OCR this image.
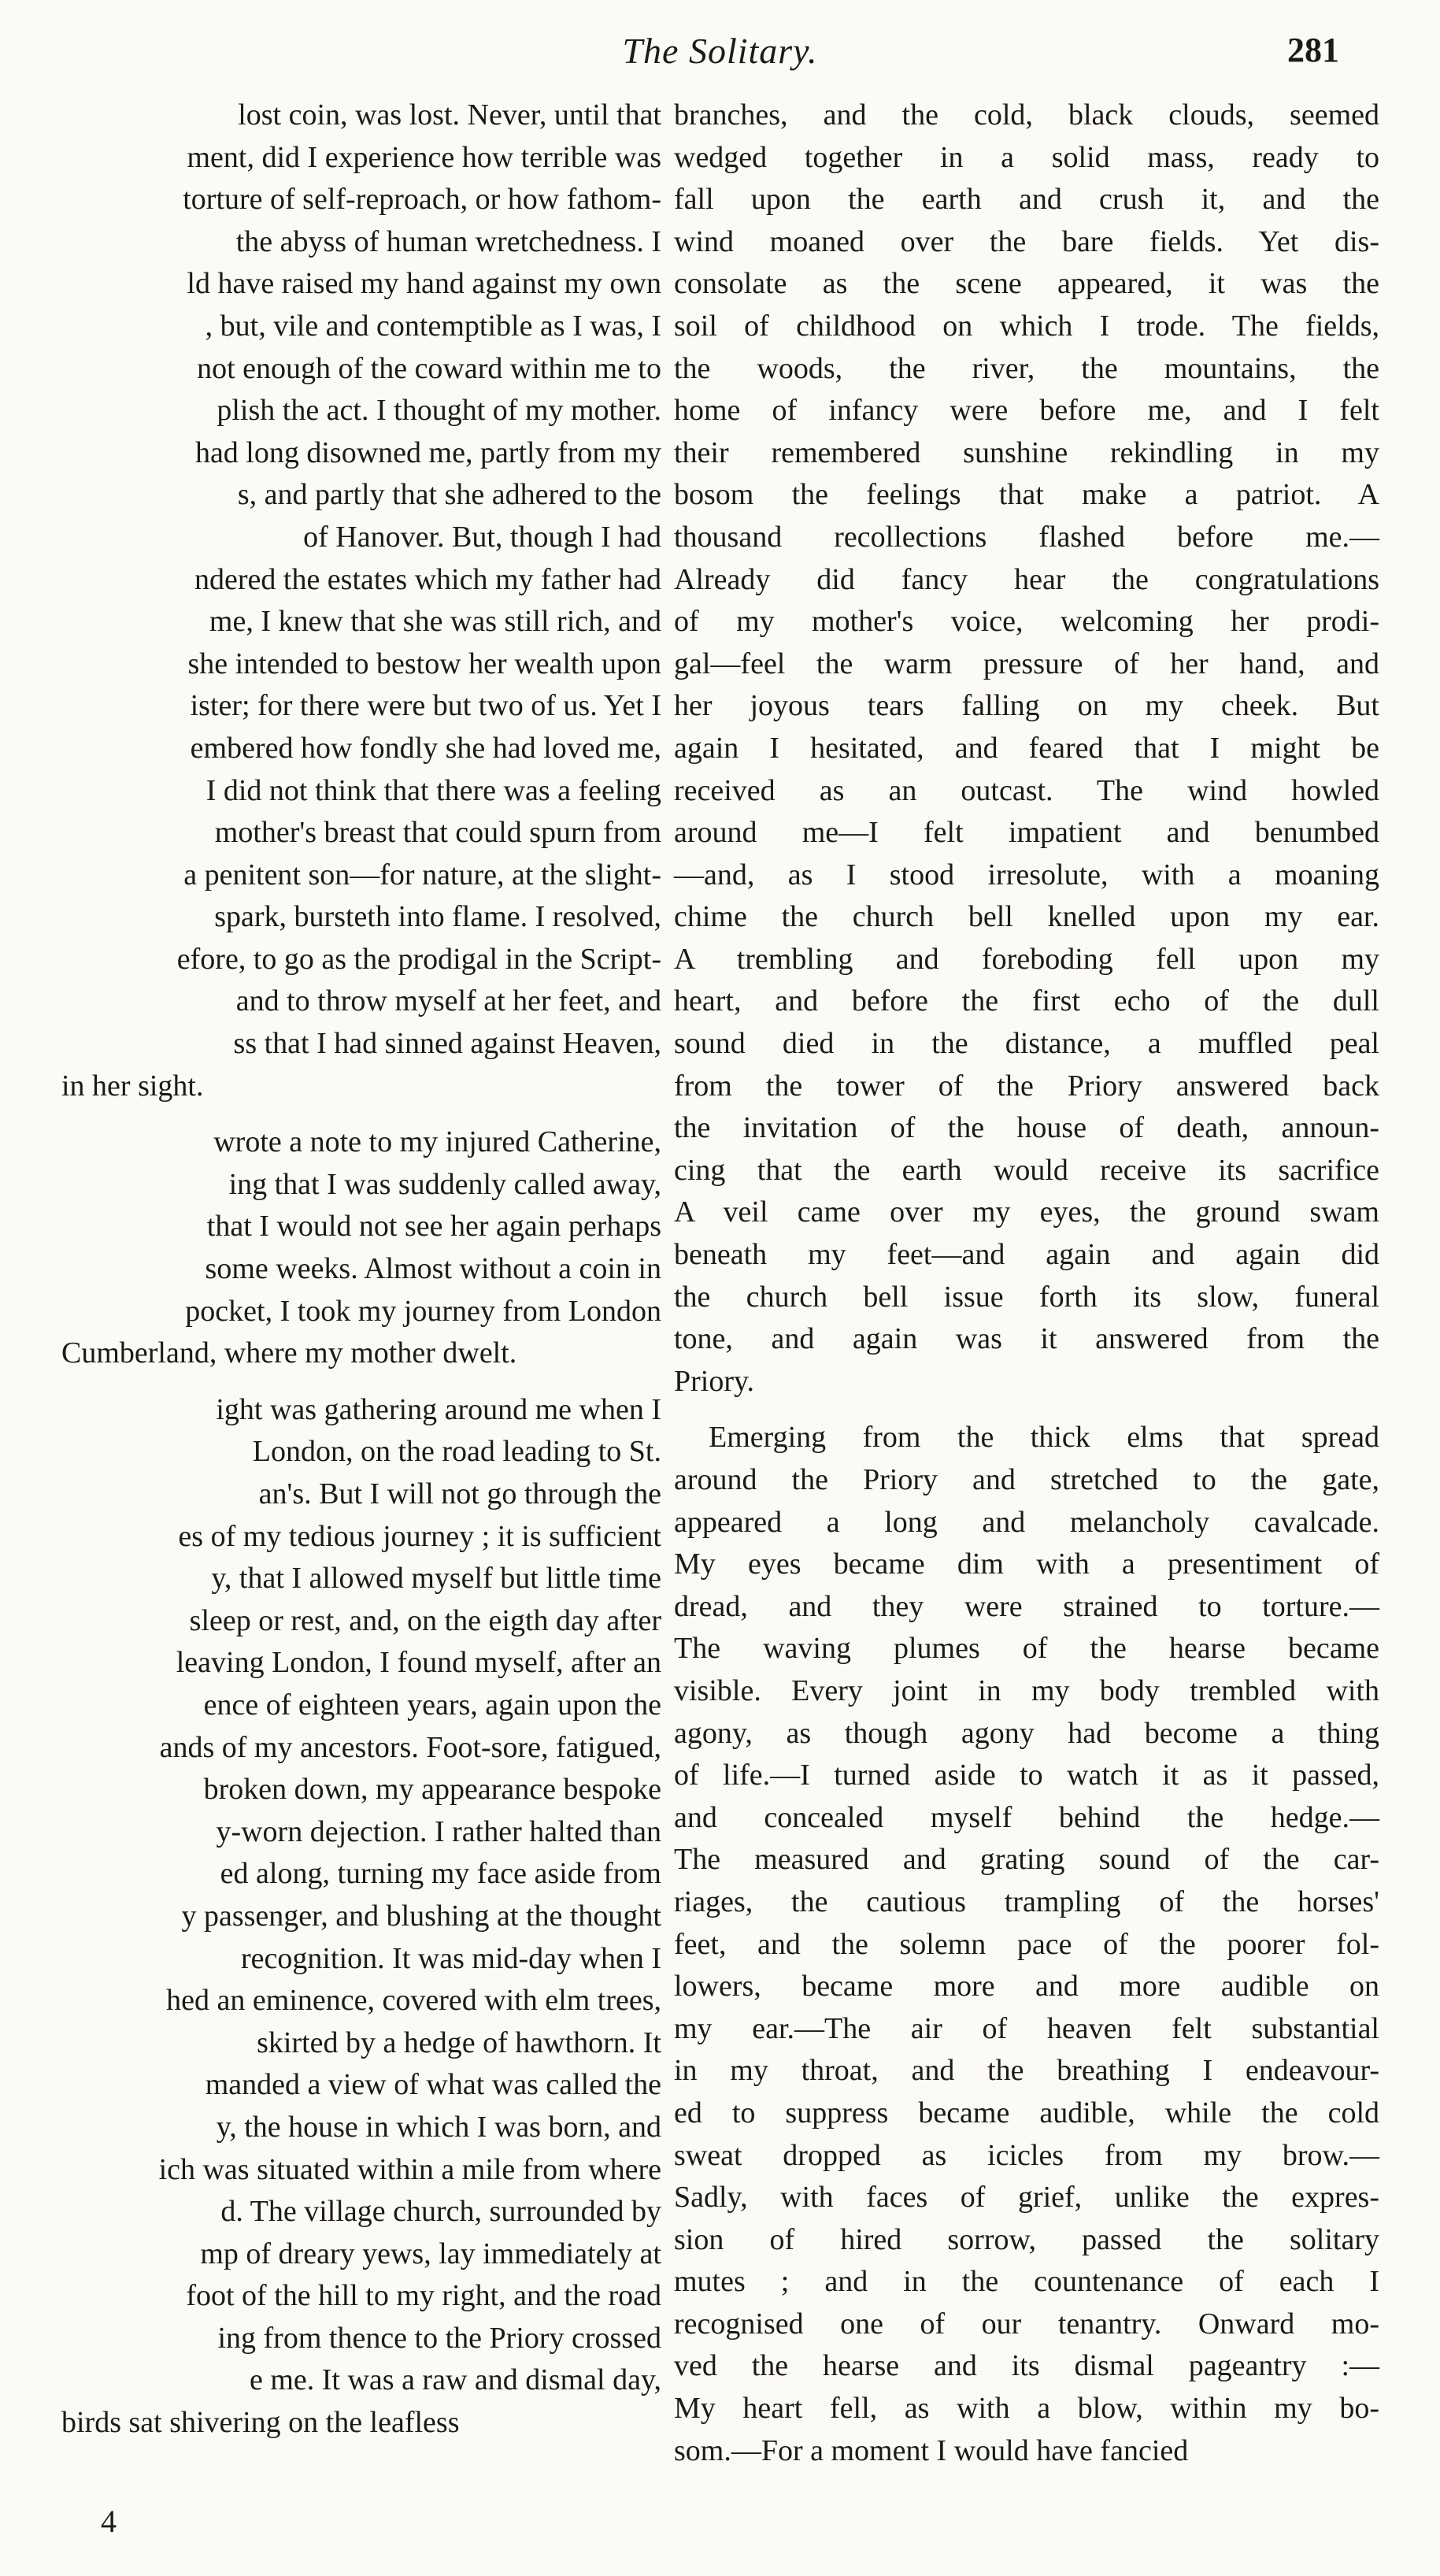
The Solitary.	281
lost coin, was lost. Never, until that
ment, did I experience how terrible was
torture of self-reproach, or how fathom-
the abyss of human wretchedness. I
ld have raised my hand against my own
, but, vile and contemptible as I was, I
not enough of the coward within me to
plish the act. I thought of my mother.
had long disowned me, partly from my
s, and partly that she adhered to the
of Hanover. But, though I had
ndered the estates which my father had
me, I knew that she was still rich, and
she intended to bestow her wealth upon
ister; for there were but two of us. Yet I
embered how fondly she had loved me,
I did not think that there was a feeling
mother's breast that could spurn from
a penitent son—for nature, at the slight-
spark, bursteth into flame. I resolved,
efore, to go as the prodigal in the Script-
and to throw myself at her feet, and
ss that I had sinned against Heaven,
in her sight.
wrote a note to my injured Catherine,
ing that I was suddenly called away,
that I would not see her again perhaps
some weeks. Almost without a coin in
pocket, I took my journey from London
Cumberland, where my mother dwelt.
ight was gathering around me when I
London, on the road leading to St.
an's. But I will not go through the
es of my tedious journey ; it is sufficient
y, that I allowed myself but little time
sleep or rest, and, on the eigth day after
leaving London, I found myself, after an
ence of eighteen years, again upon the
ands of my ancestors. Foot-sore, fatigued,
broken down, my appearance bespoke
y-worn dejection. I rather halted than
ed along, turning my face aside from
y passenger, and blushing at the thought
recognition. It was mid-day when I
hed an eminence, covered with elm trees,
skirted by a hedge of hawthorn. It
manded a view of what was called the
y, the house in which I was born, and
ich was situated within a mile from where
d. The village church, surrounded by
mp of dreary yews, lay immediately at
foot of the hill to my right, and the road
ing from thence to the Priory crossed
e me. It was a raw and dismal day,
birds sat shivering on the leafless
branches, and the cold, black clouds, seemed
wedged together in a solid mass, ready to
fall upon the earth and crush it, and the
wind moaned over the bare fields. Yet dis-
consolate as the scene appeared, it was the
soil of childhood on which I trode. The fields,
the woods, the river, the mountains, the
home of infancy were before me, and I felt
their remembered sunshine rekindling in my
bosom the feelings that make a patriot. A
thousand recollections flashed before me.—
Already did fancy hear the congratulations
of my mother's voice, welcoming her prodi-
gal—feel the warm pressure of her hand, and
her joyous tears falling on my cheek. But
again I hesitated, and feared that I might be
received as an outcast. The wind howled
around me—I felt impatient and benumbed
—and, as I stood irresolute, with a moaning
chime the church bell knelled upon my ear.
A trembling and foreboding fell upon my
heart, and before the first echo of the dull
sound died in the distance, a muffled peal
from the tower of the Priory answered back
the invitation of the house of death, announ-
cing that the earth would receive its sacrifice
A veil came over my eyes, the ground swam
beneath my feet—and again and again did
the church bell issue forth its slow, funeral
tone, and again was it answered from the
Priory.
Emerging from the thick elms that spread
around the Priory and stretched to the gate,
appeared a long and melancholy cavalcade.
My eyes became dim with a presentiment of
dread, and they were strained to torture.—
The waving plumes of the hearse became
visible. Every joint in my body trembled with
agony, as though agony had become a thing
of life.—I turned aside to watch it as it passed,
and concealed myself behind the hedge.—
The measured and grating sound of the car-
riages, the cautious trampling of the horses'
feet, and the solemn pace of the poorer fol-
lowers, became more and more audible on
my ear.—The air of heaven felt substantial
in my throat, and the breathing I endeavour-
ed to suppress became audible, while the cold
sweat dropped as icicles from my brow.—
Sadly, with faces of grief, unlike the expres-
sion of hired sorrow, passed the solitary
mutes ; and in the countenance of each I
recognised one of our tenantry. Onward mo-
ved the hearse and its dismal pageantry :—
My heart fell, as with a blow, within my bo-
som.—For a moment I would have fancied
4
